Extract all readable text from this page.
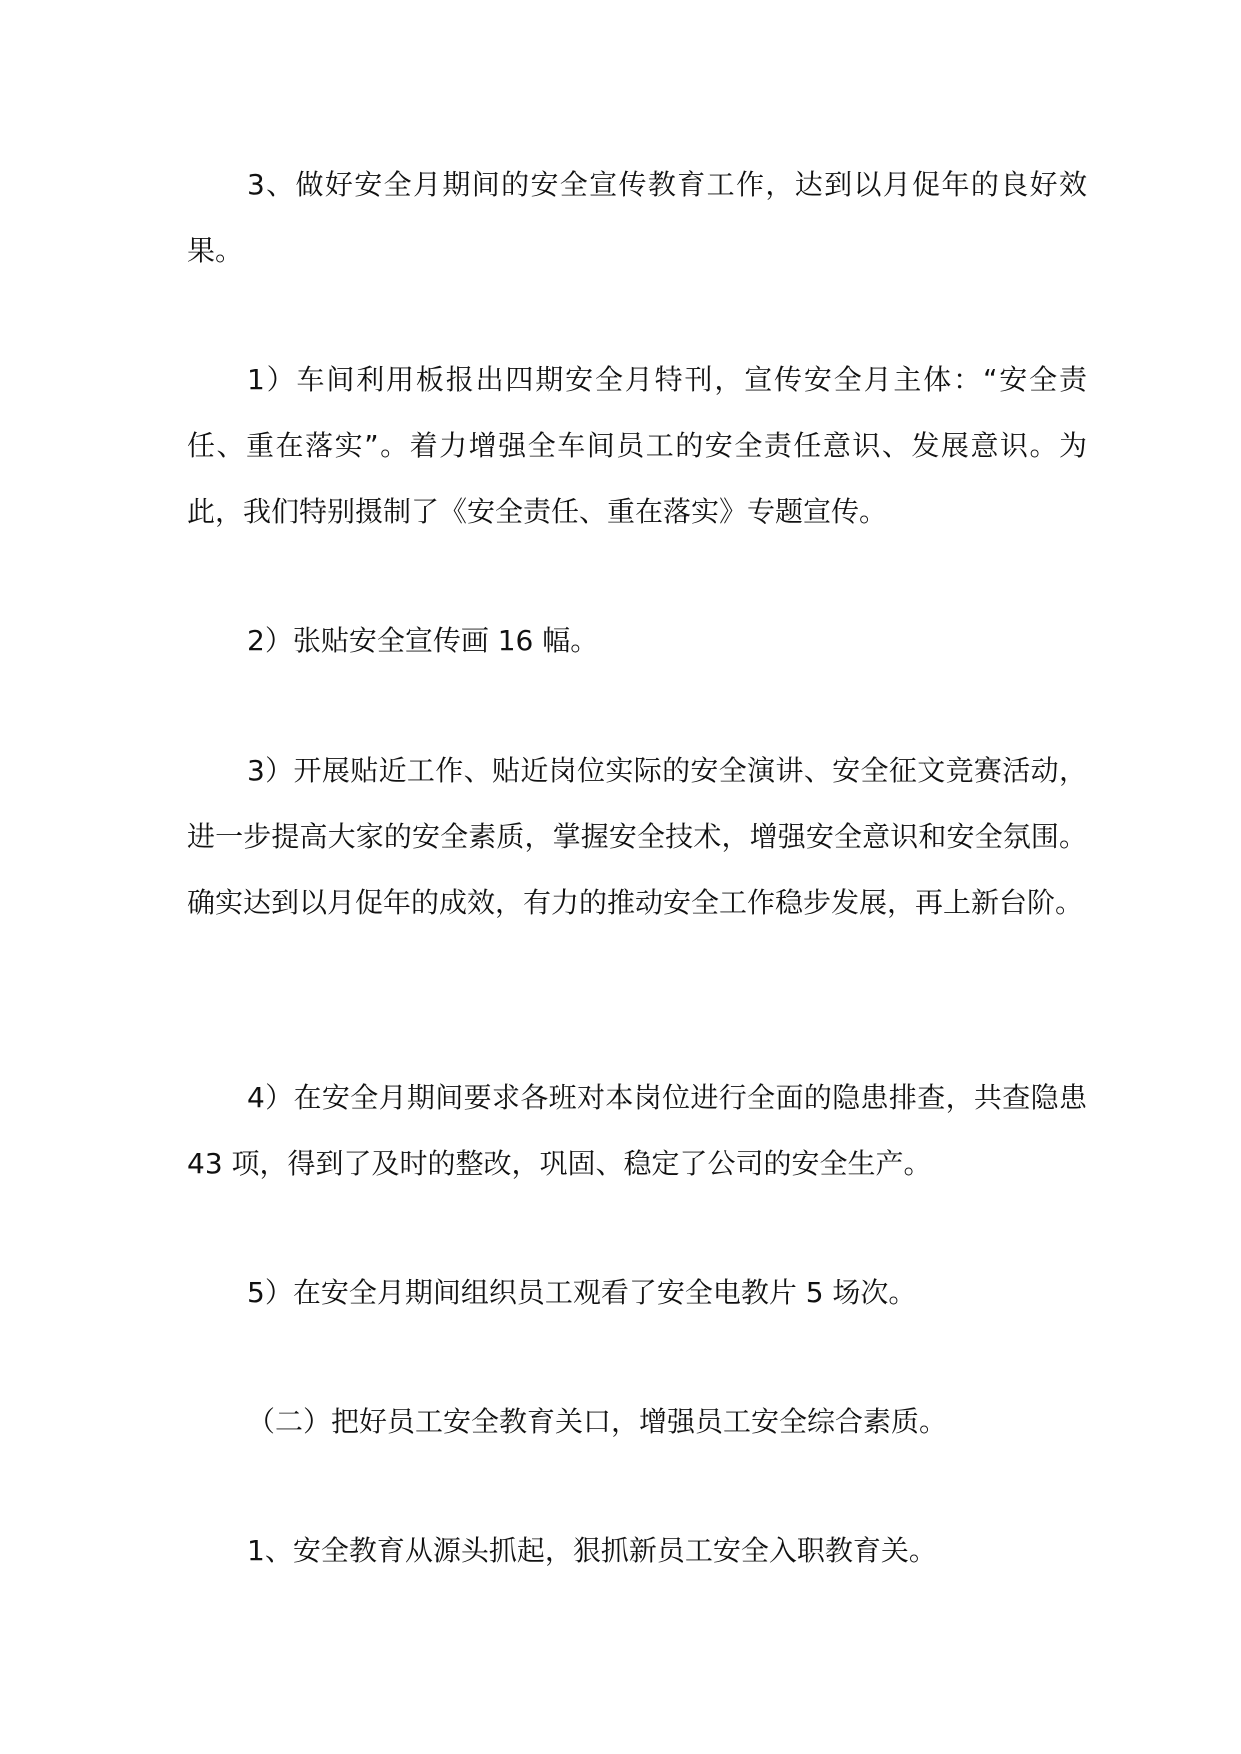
3、做好安全月期间的安全宣传教育工作，达到以月促年的良好效果。

1）车间利用板报出四期安全月特刊，宣传安全月主体：“安全责任、重在落实”。着力增强全车间员工的安全责任意识、发展意识。为此，我们特别摄制了《安全责任、重在落实》专题宣传。

2）张贴安全宣传画 16 幅。

3）开展贴近工作、贴近岗位实际的安全演讲、安全征文竞赛活动，进一步提高大家的安全素质，掌握安全技术，增强安全意识和安全氛围。确实达到以月促年的成效，有力的推动安全工作稳步发展，再上新台阶。

4）在安全月期间要求各班对本岗位进行全面的隐患排查，共查隐患 43 项，得到了及时的整改，巩固、稳定了公司的安全生产。

5）在安全月期间组织员工观看了安全电教片 5 场次。

（二）把好员工安全教育关口，增强员工安全综合素质。

1、安全教育从源头抓起，狠抓新员工安全入职教育关。
